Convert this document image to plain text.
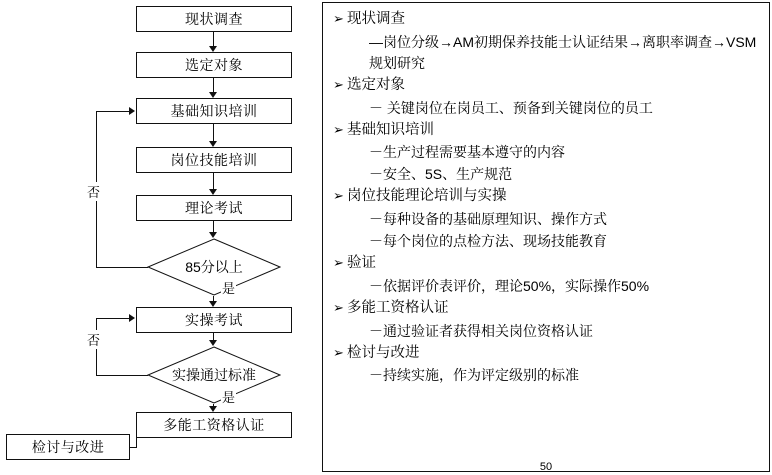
现状调查
选定对象
基础知识培训
岗位技能培训
理论考试
85分以上
实操考试
实操通过标准
多能工资格认证
检讨与改进
否
否
是
是

➢ 现状调查

—岗位分级→AM初期保养技能士认证结果→离职率调查→VSM规划研究

➢ 选定对象

－ 关键岗位在岗员工、预备到关键岗位的员工

➢ 基础知识培训

－生产过程需要基本遵守的内容

－安全、5S、生产规范

➢ 岗位技能理论培训与实操

－每种设备的基础原理知识、操作方式

－每个岗位的点检方法、现场技能教育

➢ 验证

－依据评价表评价，理论50%，实际操作50%

➢ 多能工资格认证

－通过验证者获得相关岗位资格认证

➢ 检讨与改进

－持续实施，作为评定级别的标准

50
